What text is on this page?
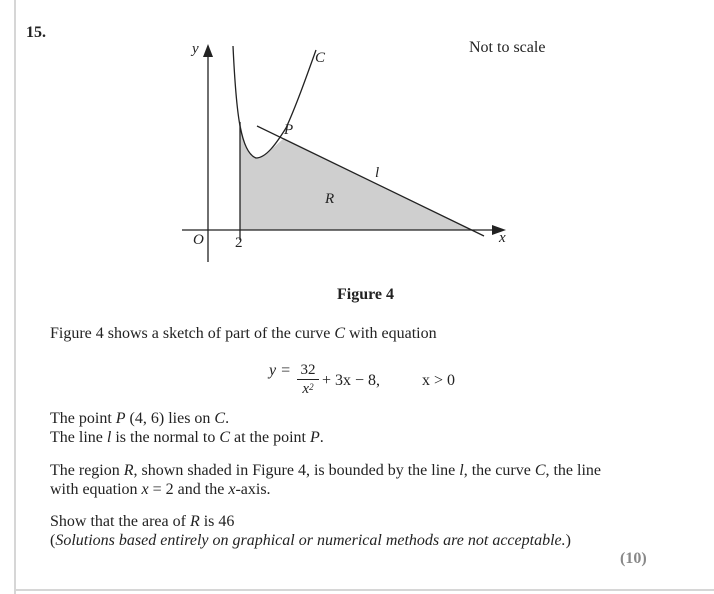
15.
Not to scale
y
x
O 2
C
P
l
R
Figure 4
Figure 4 shows a sketch of part of the curve C with equation
y = 32
$x^2 + 3x - 8$,	x > 0
The point P (4, 6) lies on C.
The line l is the normal to C at the point P.
The region R, shown shaded in Figure 4, is bounded by the line l, the curve C, the line
with equation x = 2 and the x-axis.
Show that the area of R is 46
(Solutions based entirely on graphical or numerical methods are not acceptable.)
(10)
